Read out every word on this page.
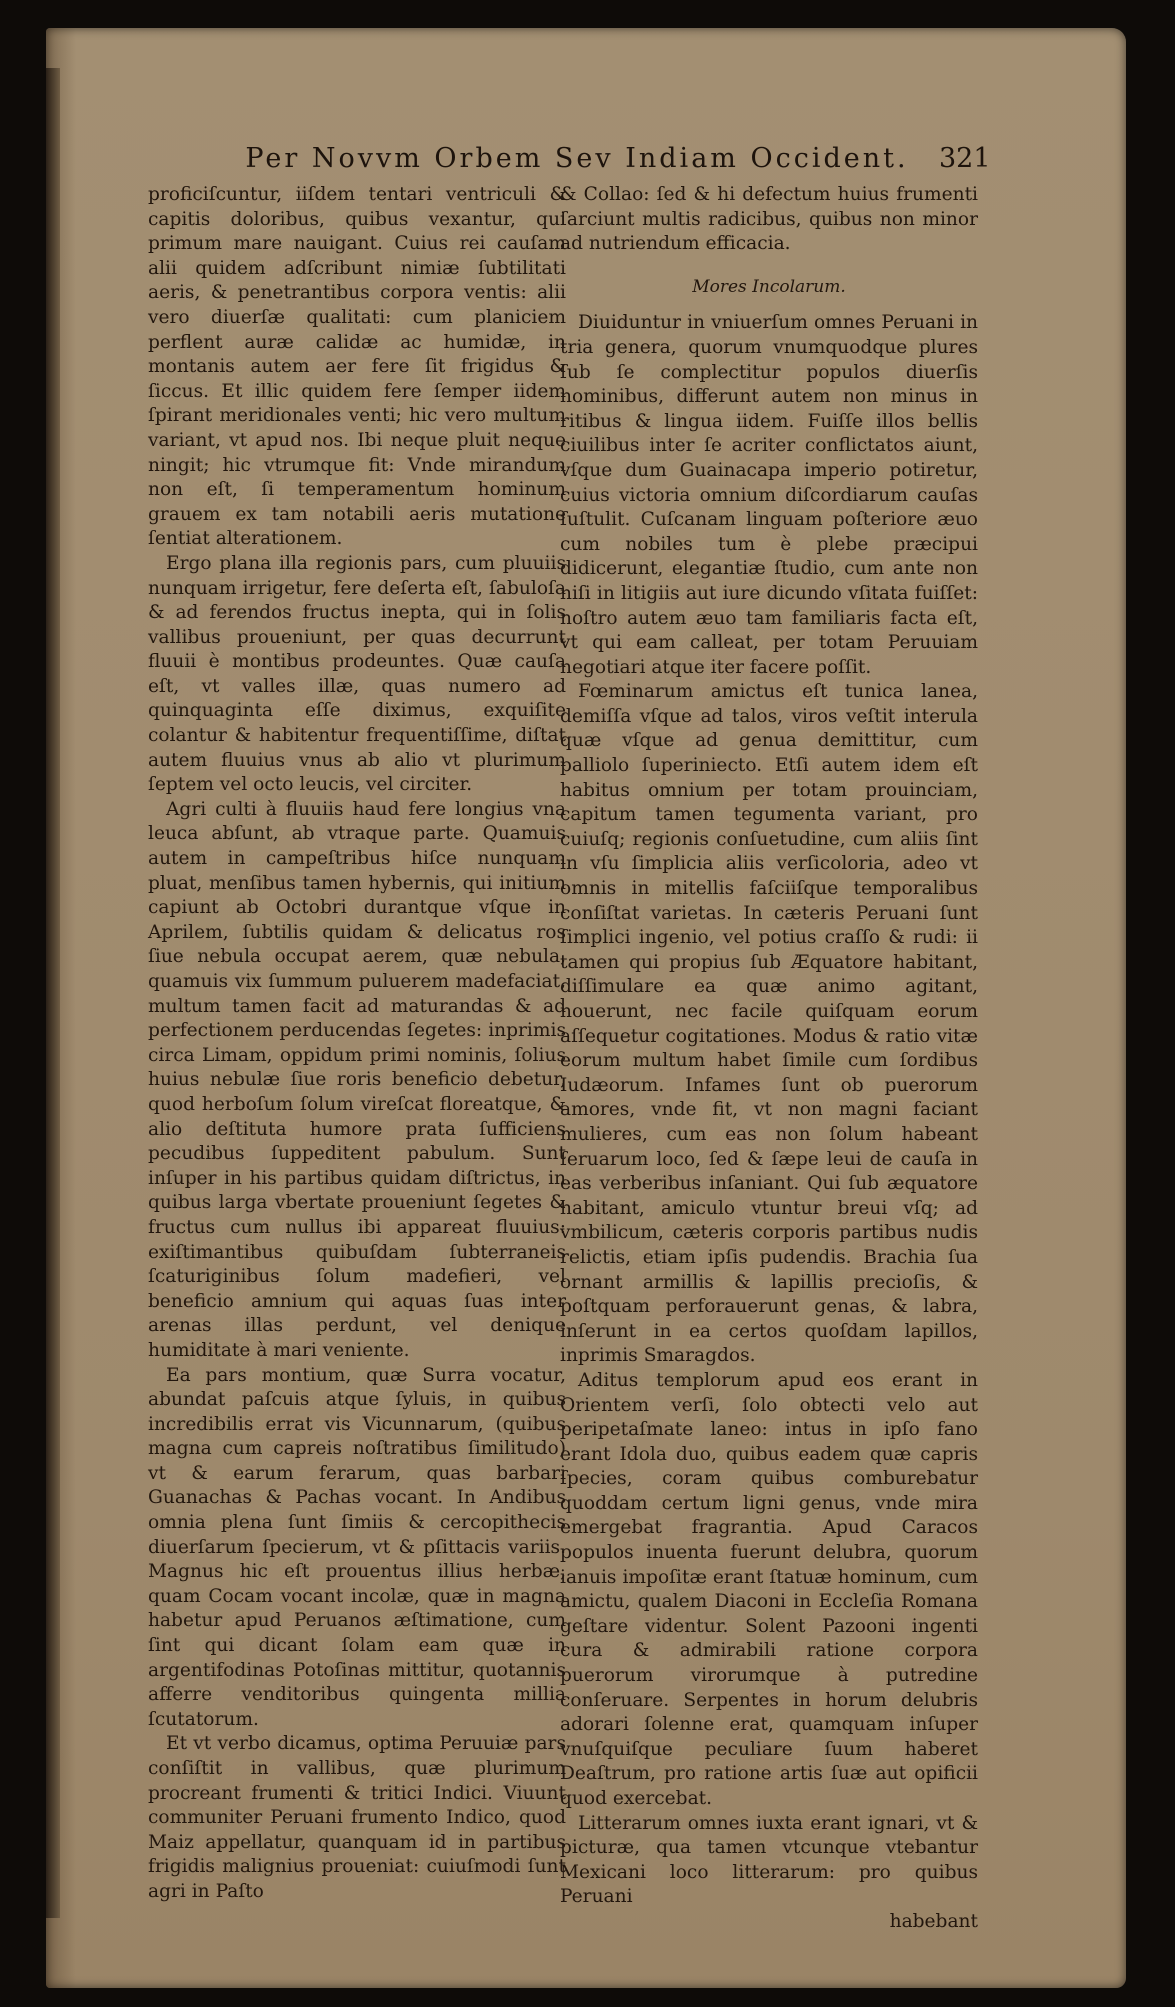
Per Novvm Orbem Sev Indiam Occident.	321

proficiſcuntur, iiſdem tentari ventriculi & capitis doloribus, quibus vexantur, qui primum mare nauigant. Cuius rei cauſam alii quidem adſcribunt nimiæ ſubtilitati aeris, & penetrantibus corpora ventis: alii vero diuerſæ qualitati: cum planiciem perflent auræ calidæ ac humidæ, in montanis autem aer fere ſit frigidus & ſiccus. Et illic quidem fere ſemper iidem ſpirant meridionales venti; hic vero multum variant, vt apud nos. Ibi neque pluit neque ningit; hic vtrumque fit: Vnde mirandum non eſt, ſi temperamentum hominum grauem ex tam notabili aeris mutatione ſentiat alterationem.

Ergo plana illa regionis pars, cum pluuiis nunquam irrigetur, fere deſerta eſt, ſabuloſa & ad ferendos fructus inepta, qui in ſolis vallibus proueniunt, per quas decurrunt fluuii è montibus prodeuntes. Quæ cauſa eſt, vt valles illæ, quas numero ad quinquaginta eſſe diximus, exquiſite colantur & habitentur frequentiſſime, diſtat autem fluuius vnus ab alio vt plurimum ſeptem vel octo leucis, vel circiter.

Agri culti à fluuiis haud fere longius vna leuca abſunt, ab vtraque parte. Quamuis autem in campeſtribus hiſce nunquam pluat, menſibus tamen hybernis, qui initium capiunt ab Octobri durantque vſque in Aprilem, ſubtilis quidam & delicatus ros ſiue nebula occupat aerem, quæ nebula, quamuis vix ſummum puluerem madefaciat, multum tamen facit ad maturandas & ad perfectionem perducendas ſegetes: inprimis circa Limam, oppidum primi nominis, ſolius huius nebulæ ſiue roris beneficio debetur, quod herboſum ſolum vireſcat floreatque, & alio deſtituta humore prata ſufficiens pecudibus ſuppeditent pabulum. Sunt inſuper in his partibus quidam diſtrictus, in quibus larga vbertate proueniunt ſegetes & fructus cum nullus ibi appareat fluuius: exiſtimantibus quibuſdam ſubterraneis ſcaturiginibus ſolum madefieri, vel beneficio amnium qui aquas ſuas inter arenas illas perdunt, vel denique humiditate à mari veniente.

Ea pars montium, quæ Surra vocatur, abundat paſcuis atque ſyluis, in quibus incredibilis errat vis Vicunnarum, (quibus magna cum capreis noſtratibus ſimilitudo) vt & earum ferarum, quas barbari Guanachas & Pachas vocant. In Andibus omnia plena ſunt ſimiis & cercopithecis diuerſarum ſpecierum, vt & pſittacis variis. Magnus hic eſt prouentus illius herbæ, quam Cocam vocant incolæ, quæ in magna habetur apud Peruanos æſtimatione, cum ſint qui dicant ſolam eam quæ in argentifodinas Potoſinas mittitur, quotannis afferre venditoribus quingenta millia ſcutatorum.

Et vt verbo dicamus, optima Peruuiæ pars conſiſtit in vallibus, quæ plurimum procreant frumenti & tritici Indici. Viuunt communiter Peruani frumento Indico, quod Maiz appellatur, quanquam id in partibus frigidis malignius proueniat: cuiuſmodi ſunt agri in Paſto

& Collao: ſed & hi defectum huius frumenti ſarciunt multis radicibus, quibus non minor ad nutriendum efficacia.

Mores Incolarum.

Diuiduntur in vniuerſum omnes Peruani in tria genera, quorum vnumquodque plures ſub ſe complectitur populos diuerſis nominibus, differunt autem non minus in ritibus & lingua iidem. Fuiſſe illos bellis ciuilibus inter ſe acriter conflictatos aiunt, vſque dum Guainacapa imperio potiretur, cuius victoria omnium diſcordiarum cauſas ſuſtulit. Cuſcanam linguam poſteriore æuo cum nobiles tum è plebe præcipui didicerunt, elegantiæ ſtudio, cum ante non niſi in litigiis aut iure dicundo vſitata fuiſſet: noſtro autem æuo tam familiaris facta eſt, vt qui eam calleat, per totam Peruuiam negotiari atque iter facere poſſit.

Fœminarum amictus eſt tunica lanea, demiſſa vſque ad talos, viros veſtit interula quæ vſque ad genua demittitur, cum palliolo ſuperiniecto. Etſi autem idem eſt habitus omnium per totam prouinciam, capitum tamen tegumenta variant, pro cuiuſq; regionis conſuetudine, cum aliis ſint in vſu ſimplicia aliis verſicoloria, adeo vt omnis in mitellis faſciiſque temporalibus conſiſtat varietas. In cæteris Peruani ſunt ſimplici ingenio, vel potius craſſo & rudi: ii tamen qui propius ſub Æquatore habitant, diſſimulare ea quæ animo agitant, nouerunt, nec facile quiſquam eorum aſſequetur cogitationes. Modus & ratio vitæ eorum multum habet ſimile cum ſordibus Iudæorum. Infames ſunt ob puerorum amores, vnde fit, vt non magni faciant mulieres, cum eas non ſolum habeant ſeruarum loco, ſed & ſæpe leui de cauſa in eas verberibus inſaniant. Qui ſub æquatore habitant, amiculo vtuntur breui vſq; ad vmbilicum, cæteris corporis partibus nudis relictis, etiam ipſis pudendis. Brachia ſua ornant armillis & lapillis precioſis, & poſtquam perforauerunt genas, & labra, inſerunt in ea certos quoſdam lapillos, inprimis Smaragdos.

Aditus templorum apud eos erant in Orientem verſi, ſolo obtecti velo aut peripetaſmate laneo: intus in ipſo fano erant Idola duo, quibus eadem quæ capris ſpecies, coram quibus comburebatur quoddam certum ligni genus, vnde mira emergebat fragrantia. Apud Caracos populos inuenta fuerunt delubra, quorum ianuis impoſitæ erant ſtatuæ hominum, cum amictu, qualem Diaconi in Eccleſia Romana geſtare videntur. Solent Pazooni ingenti cura & admirabili ratione corpora puerorum virorumque à putredine conſeruare. Serpentes in horum delubris adorari ſolenne erat, quamquam inſuper vnuſquiſque peculiare ſuum haberet Deaſtrum, pro ratione artis ſuæ aut opificii quod exercebat.

Litterarum omnes iuxta erant ignari, vt & picturæ, qua tamen vtcunque vtebantur Mexicani loco litterarum: pro quibus Peruani

habebant
